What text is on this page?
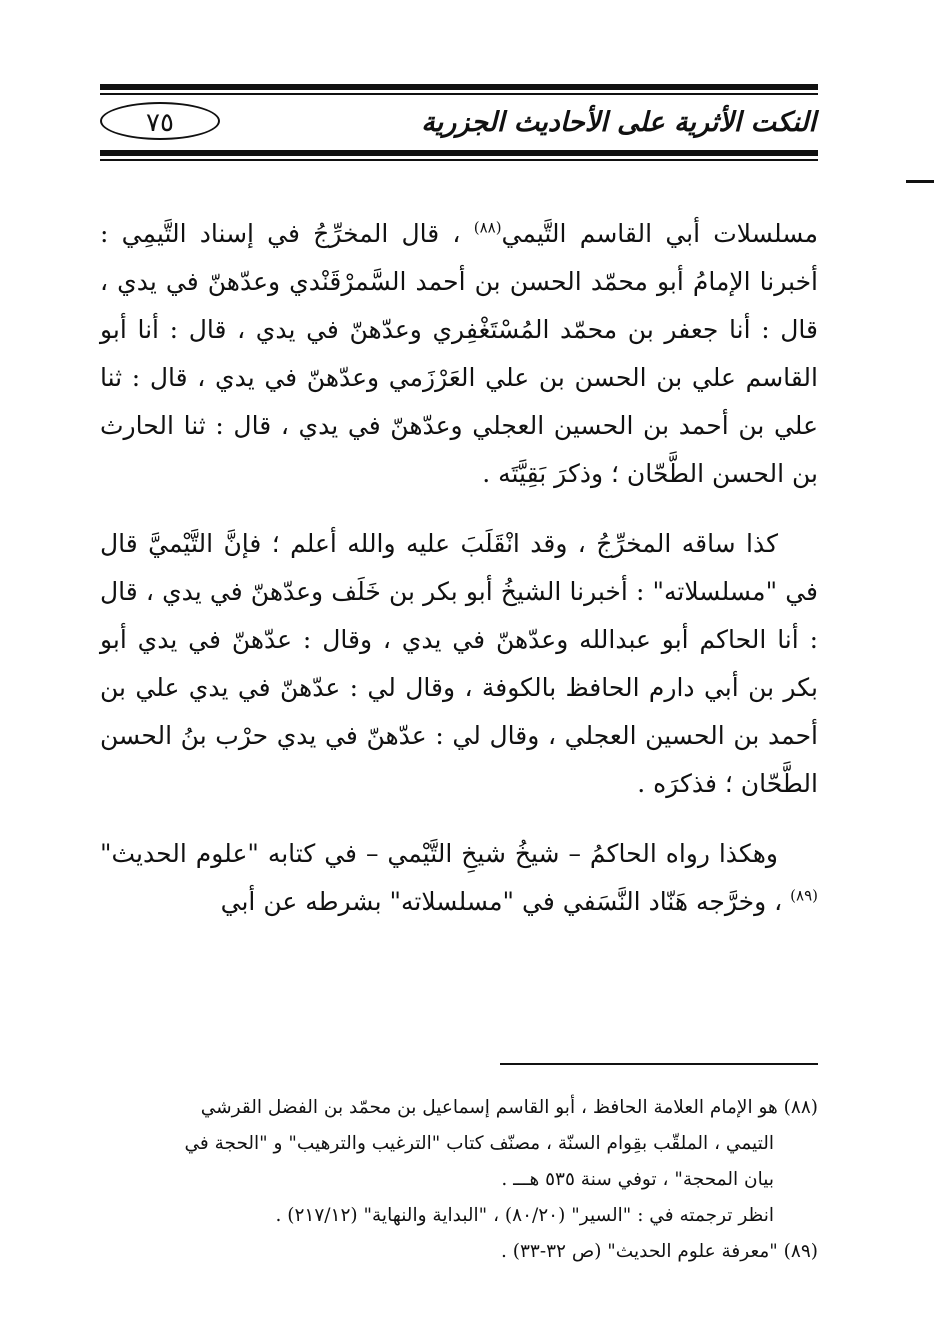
النكت الأثرية على الأحاديث الجزرية
٧٥

مسلسلات أبي القاسم التَّيمي$^{(٨٨)}$ ، قال المخرِّجُ في إسناد التَّيمِي : أخبرنا الإمامُ أبو محمّد الحسن بن أحمد السَّمرْقَنْدي وعدّهنّ في يدي ، قال : أنا جعفر بن محمّد المُسْتَغْفِري وعدّهنّ في يدي ، قال : أنا أبو القاسم علي بن الحسن بن علي العَرْزَمي وعدّهنّ في يدي ، قال : ثنا علي بن أحمد بن الحسين العجلي وعدّهنّ في يدي ، قال : ثنا الحارث بن الحسن الطَّحّان ؛ وذكرَ بَقِيَّتَه .

كذا ساقه المخرِّجُ ، وقد انْقَلَبَ عليه والله أعلم ؛ فإنَّ التَّيْميَّ قال في "مسلسلاته" : أخبرنا الشيخُ أبو بكر بن خَلَف وعدّهنّ في يدي ، قال : أنا الحاكم أبو عبدالله وعدّهنّ في يدي ، وقال : عدّهنّ في يدي أبو بكر بن أبي دارم الحافظ بالكوفة ، وقال لي : عدّهنّ في يدي علي بن أحمد بن الحسين العجلي ، وقال لي : عدّهنّ في يدي حرْب بنُ الحسن الطَّحّان ؛ فذكرَه .

وهكذا رواه الحاكمُ – شيخُ شيخِ التَّيْمي – في كتابه "علوم الحديث"$^{(٨٩)}$ ، وخرَّجه هَنّاد النَّسَفي في "مسلسلاته" بشرطه عن أبي

(٨٨) هو الإمام العلامة الحافظ ، أبو القاسم إسماعيل بن محمّد بن الفضل القرشي

التيمي ، الملقّب بقِوام السنّة ، مصنّف كتاب "الترغيب والترهيب" و "الحجة في

بيان المحجة" ، توفي سنة ٥٣٥ هـــ .

انظر ترجمته في : "السير" (٨٠/٢٠) ، "البداية والنهاية" (٢١٧/١٢) .

(٨٩) "معرفة علوم الحديث" (ص ٣٢-٣٣) .
